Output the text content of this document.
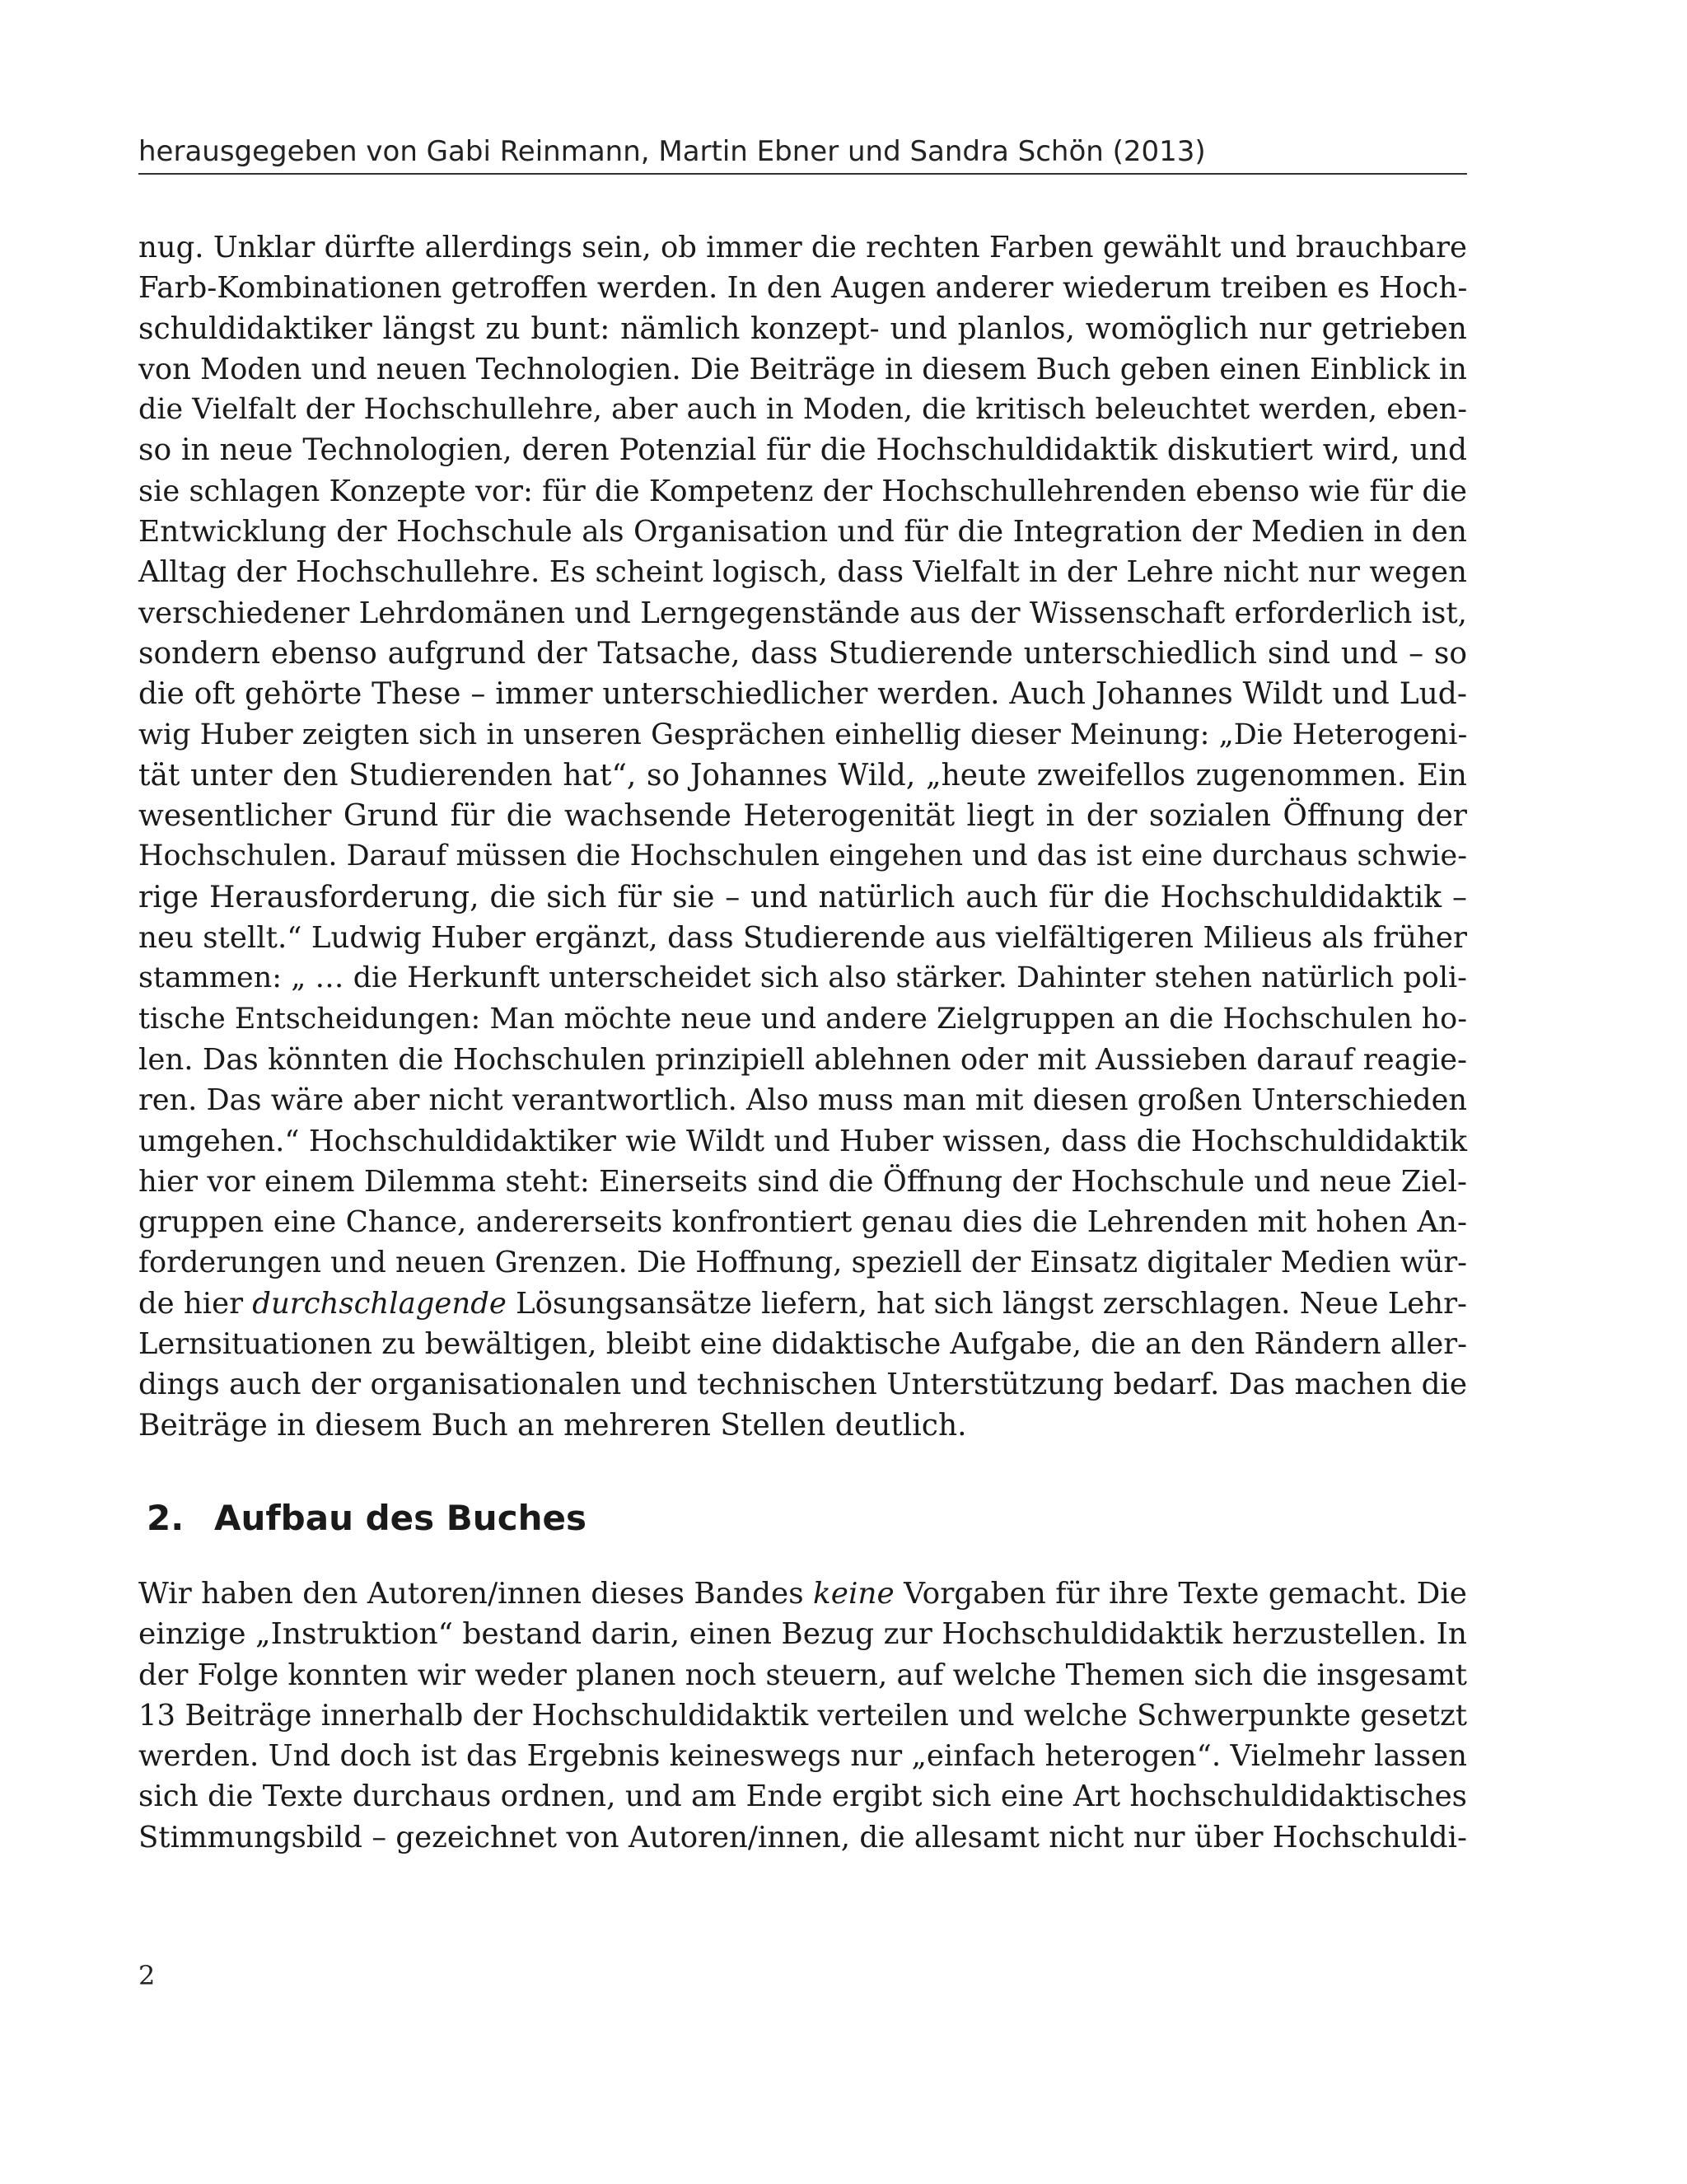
herausgegeben von Gabi Reinmann, Martin Ebner und Sandra Schön (2013)
nug. Unklar dürfte allerdings sein, ob immer die rechten Farben gewählt und brauchbare
Farb-Kombinationen getroffen werden. In den Augen anderer wiederum treiben es Hoch-
schuldidaktiker längst zu bunt: nämlich konzept- und planlos, womöglich nur getrieben
von Moden und neuen Technologien. Die Beiträge in diesem Buch geben einen Einblick in
die Vielfalt der Hochschullehre, aber auch in Moden, die kritisch beleuchtet werden, eben-
so in neue Technologien, deren Potenzial für die Hochschuldidaktik diskutiert wird, und
sie schlagen Konzepte vor: für die Kompetenz der Hochschullehrenden ebenso wie für die
Entwicklung der Hochschule als Organisation und für die Integration der Medien in den
Alltag der Hochschullehre. Es scheint logisch, dass Vielfalt in der Lehre nicht nur wegen
verschiedener Lehrdomänen und Lerngegenstände aus der Wissenschaft erforderlich ist,
sondern ebenso aufgrund der Tatsache, dass Studierende unterschiedlich sind und – so
die oft gehörte These – immer unterschiedlicher werden. Auch Johannes Wildt und Lud-
wig Huber zeigten sich in unseren Gesprächen einhellig dieser Meinung: „Die Heterogeni-
tät unter den Studierenden hat“, so Johannes Wild, „heute zweifellos zugenommen. Ein
wesentlicher Grund für die wachsende Heterogenität liegt in der sozialen Öffnung der
Hochschulen. Darauf müssen die Hochschulen eingehen und das ist eine durchaus schwie-
rige Herausforderung, die sich für sie – und natürlich auch für die Hochschuldidaktik –
neu stellt.“ Ludwig Huber ergänzt, dass Studierende aus vielfältigeren Milieus als früher
stammen: „ … die Herkunft unterscheidet sich also stärker. Dahinter stehen natürlich poli-
tische Entscheidungen: Man möchte neue und andere Zielgruppen an die Hochschulen ho-
len. Das könnten die Hochschulen prinzipiell ablehnen oder mit Aussieben darauf reagie-
ren. Das wäre aber nicht verantwortlich. Also muss man mit diesen großen Unterschieden
umgehen.“ Hochschuldidaktiker wie Wildt und Huber wissen, dass die Hochschuldidaktik
hier vor einem Dilemma steht: Einerseits sind die Öffnung der Hochschule und neue Ziel-
gruppen eine Chance, andererseits konfrontiert genau dies die Lehrenden mit hohen An-
forderungen und neuen Grenzen. Die Hoffnung, speziell der Einsatz digitaler Medien wür-
de hier durchschlagende Lösungsansätze liefern, hat sich längst zerschlagen. Neue Lehr-
Lernsituationen zu bewältigen, bleibt eine didaktische Aufgabe, die an den Rändern aller-
dings auch der organisationalen und technischen Unterstützung bedarf. Das machen die
Beiträge in diesem Buch an mehreren Stellen deutlich.
2. Aufbau des Buches
Wir haben den Autoren/innen dieses Bandes keine Vorgaben für ihre Texte gemacht. Die
einzige „Instruktion“ bestand darin, einen Bezug zur Hochschuldidaktik herzustellen. In
der Folge konnten wir weder planen noch steuern, auf welche Themen sich die insgesamt
13 Beiträge innerhalb der Hochschuldidaktik verteilen und welche Schwerpunkte gesetzt
werden. Und doch ist das Ergebnis keineswegs nur „einfach heterogen“. Vielmehr lassen
sich die Texte durchaus ordnen, und am Ende ergibt sich eine Art hochschuldidaktisches
Stimmungsbild – gezeichnet von Autoren/innen, die allesamt nicht nur über Hochschuldi-
2
